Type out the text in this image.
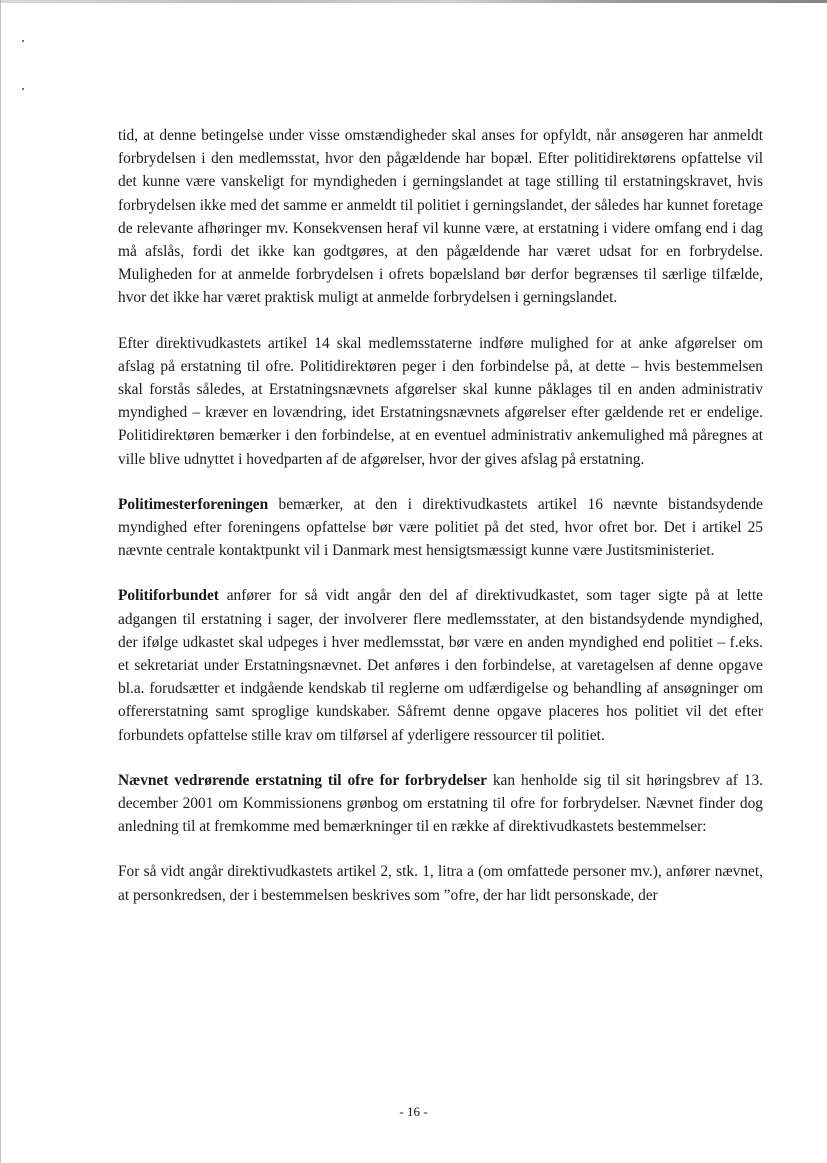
tid, at denne betingelse under visse omstændigheder skal anses for opfyldt, når ansøgeren har anmeldt forbrydelsen i den medlemsstat, hvor den pågældende har bopæl. Efter politidirektørens opfattelse vil det kunne være vanskeligt for myndigheden i gerningslandet at tage stilling til erstatningskravet, hvis forbrydelsen ikke med det samme er anmeldt til politiet i gerningslandet, der således har kunnet foretage de relevante afhøringer mv. Konsekvensen heraf vil kunne være, at erstatning i videre omfang end i dag må afslås, fordi det ikke kan godtgøres, at den pågældende har været udsat for en forbrydelse. Muligheden for at anmelde forbrydelsen i ofrets bopælsland bør derfor begrænses til særlige tilfælde, hvor det ikke har været praktisk muligt at anmelde forbrydelsen i gerningslandet.

Efter direktivudkastets artikel 14 skal medlemsstaterne indføre mulighed for at anke afgørelser om afslag på erstatning til ofre. Politidirektøren peger i den forbindelse på, at dette – hvis bestemmelsen skal forstås således, at Erstatningsnævnets afgørelser skal kunne påklages til en anden administrativ myndighed – kræver en lovændring, idet Erstatningsnævnets afgørelser efter gældende ret er endelige. Politidirektøren bemærker i den forbindelse, at en eventuel administrativ ankemulighed må påregnes at ville blive udnyttet i hovedparten af de afgørelser, hvor der gives afslag på erstatning.

Politimesterforeningen bemærker, at den i direktivudkastets artikel 16 nævnte bistandsydende myndighed efter foreningens opfattelse bør være politiet på det sted, hvor ofret bor. Det i artikel 25 nævnte centrale kontaktpunkt vil i Danmark mest hensigtsmæssigt kunne være Justitsministeriet.

Politiforbundet anfører for så vidt angår den del af direktivudkastet, som tager sigte på at lette adgangen til erstatning i sager, der involverer flere medlemsstater, at den bistandsydende myndighed, der ifølge udkastet skal udpeges i hver medlemsstat, bør være en anden myndighed end politiet – f.eks. et sekretariat under Erstatningsnævnet. Det anføres i den forbindelse, at varetagelsen af denne opgave bl.a. forudsætter et indgående kendskab til reglerne om udfærdigelse og behandling af ansøgninger om offererstatning samt sproglige kundskaber. Såfremt denne opgave placeres hos politiet vil det efter forbundets opfattelse stille krav om tilførsel af yderligere ressourcer til politiet.

Nævnet vedrørende erstatning til ofre for forbrydelser kan henholde sig til sit høringsbrev af 13. december 2001 om Kommissionens grønbog om erstatning til ofre for forbrydelser. Nævnet finder dog anledning til at fremkomme med bemærkninger til en række af direktivudkastets bestemmelser:

For så vidt angår direktivudkastets artikel 2, stk. 1, litra a (om omfattede personer mv.), anfører nævnet, at personkredsen, der i bestemmelsen beskrives som ”ofre, der har lidt personskade, der

- 16 -
